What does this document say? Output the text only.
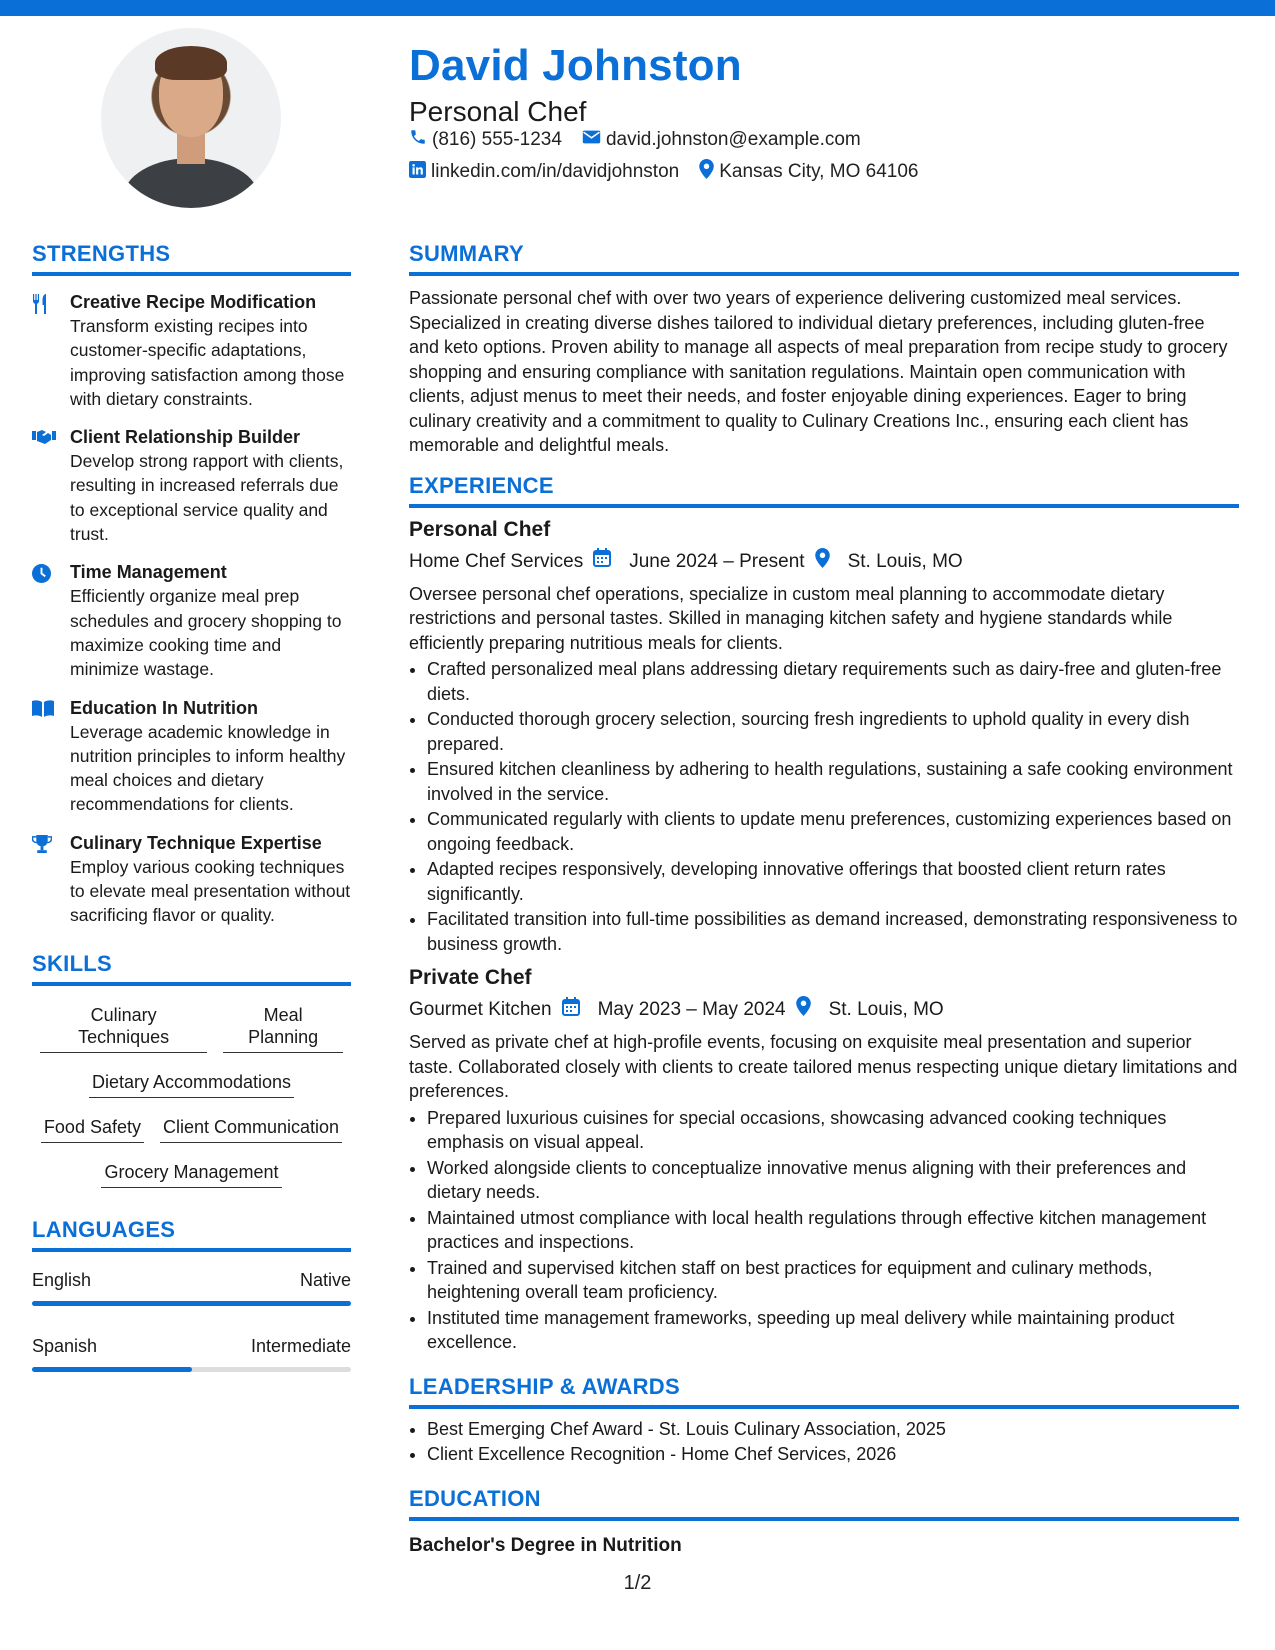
David Johnston
Personal Chef
(816) 555-1234 david.johnston@example.com
linkedin.com/in/davidjohnston Kansas City, MO 64106
STRENGTHS
Creative Recipe Modification
Transform existing recipes into customer-specific adaptations, improving satisfaction among those with dietary constraints.
Client Relationship Builder
Develop strong rapport with clients, resulting in increased referrals due to exceptional service quality and trust.
Time Management
Efficiently organize meal prep schedules and grocery shopping to maximize cooking time and minimize wastage.
Education In Nutrition
Leverage academic knowledge in nutrition principles to inform healthy meal choices and dietary recommendations for clients.
Culinary Technique Expertise
Employ various cooking techniques to elevate meal presentation without sacrificing flavor or quality.
SKILLS
Culinary Techniques
Meal Planning
Dietary Accommodations
Food Safety Client Communication
Grocery Management
LANGUAGES
English	Native
Spanish	Intermediate
SUMMARY
Passionate personal chef with over two years of experience delivering customized meal services. Specialized in creating diverse dishes tailored to individual dietary preferences, including gluten-free and keto options. Proven ability to manage all aspects of meal preparation from recipe study to grocery shopping and ensuring compliance with sanitation regulations. Maintain open communication with clients, adjust menus to meet their needs, and foster enjoyable dining experiences. Eager to bring culinary creativity and a commitment to quality to Culinary Creations Inc., ensuring each client has memorable and delightful meals.
EXPERIENCE
Personal Chef
Home Chef Services June 2024 – Present St. Louis, MO
Oversee personal chef operations, specialize in custom meal planning to accommodate dietary restrictions and personal tastes. Skilled in managing kitchen safety and hygiene standards while efficiently preparing nutritious meals for clients.
• Crafted personalized meal plans addressing dietary requirements such as dairy-free and gluten-free diets.
• Conducted thorough grocery selection, sourcing fresh ingredients to uphold quality in every dish prepared.
• Ensured kitchen cleanliness by adhering to health regulations, sustaining a safe cooking environment involved in the service.
• Communicated regularly with clients to update menu preferences, customizing experiences based on ongoing feedback.
• Adapted recipes responsively, developing innovative offerings that boosted client return rates significantly.
• Facilitated transition into full-time possibilities as demand increased, demonstrating responsiveness to business growth.
Private Chef
Gourmet Kitchen May 2023 – May 2024 St. Louis, MO
Served as private chef at high-profile events, focusing on exquisite meal presentation and superior taste. Collaborated closely with clients to create tailored menus respecting unique dietary limitations and preferences.
• Prepared luxurious cuisines for special occasions, showcasing advanced cooking techniques emphasis on visual appeal.
• Worked alongside clients to conceptualize innovative menus aligning with their preferences and dietary needs.
• Maintained utmost compliance with local health regulations through effective kitchen management practices and inspections.
• Trained and supervised kitchen staff on best practices for equipment and culinary methods, heightening overall team proficiency.
• Instituted time management frameworks, speeding up meal delivery while maintaining product excellence.
LEADERSHIP & AWARDS
• Best Emerging Chef Award - St. Louis Culinary Association, 2025
• Client Excellence Recognition - Home Chef Services, 2026
EDUCATION
Bachelor's Degree in Nutrition
1/2
